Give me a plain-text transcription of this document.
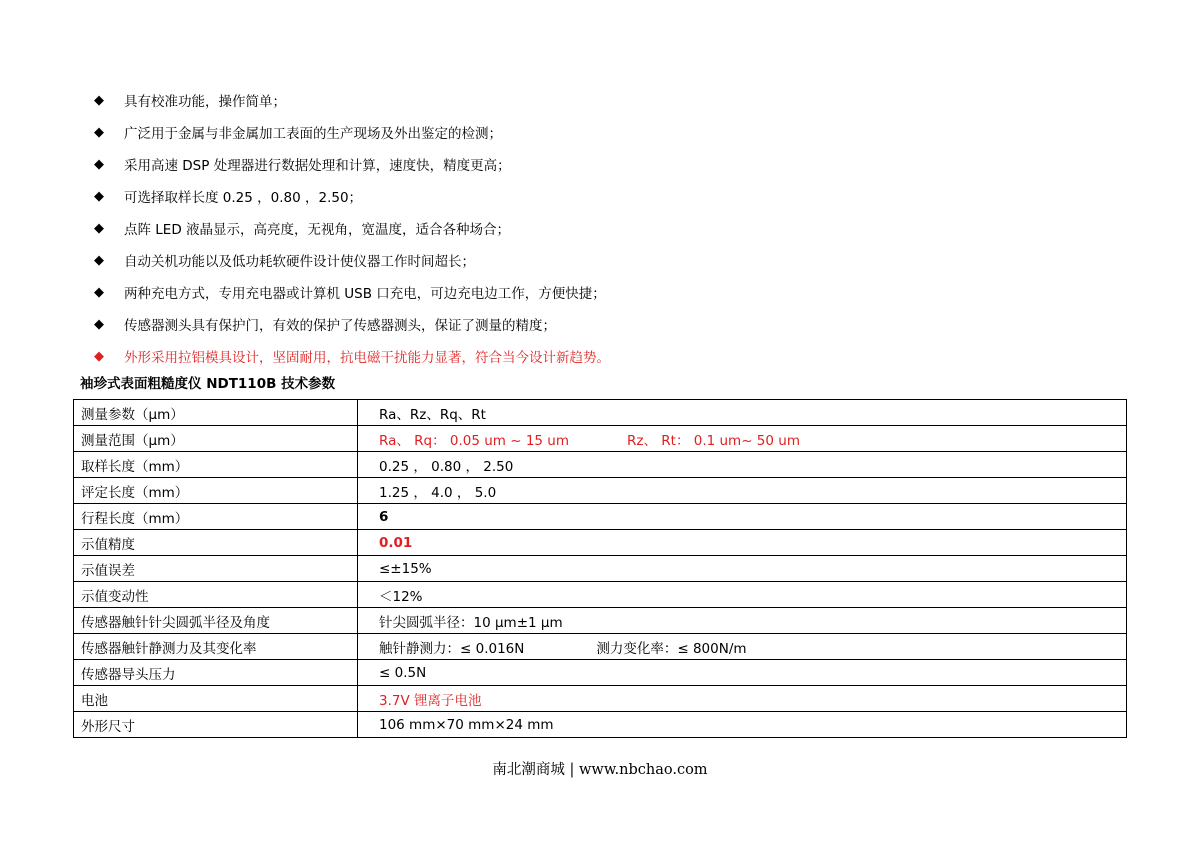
◆	具有校准功能，操作简单；
◆	广泛用于金属与非金属加工表面的生产现场及外出鉴定的检测；
◆	采用高速 DSP 处理器进行数据处理和计算，速度快，精度更高；
◆	可选择取样长度 0.25 ，0.80 ，2.50；
◆	点阵 LED 液晶显示，高亮度，无视角，宽温度，适合各种场合；
◆	自动关机功能以及低功耗软硬件设计使仪器工作时间超长；
◆	两种充电方式，专用充电器或计算机 USB 口充电，可边充电边工作，方便快捷；
◆	传感器测头具有保护门，有效的保护了传感器测头，保证了测量的精度；
◆	外形采用拉铝模具设计，坚固耐用，抗电磁干扰能力显著，符合当今设计新趋势。
袖珍式表面粗糙度仪 NDT110B 技术参数
测量参数（μm）	Ra、Rz、Rq、Rt
测量范围（μm）	Ra、 Rq： 0.05 um ~ 15 um Rz、 Rt： 0.1 um~ 50 um
取样长度（mm）	0.25 ， 0.80 ， 2.50
评定长度（mm）	1.25 ， 4.0 ， 5.0
行程长度（mm）	6
示值精度	0.01
示值误差	≤±15%
示值变动性	＜12%
传感器触针针尖圆弧半径及角度	针尖圆弧半径：10 μm±1 μm
传感器触针静测力及其变化率	触针静测力：≤ 0.016N 测力变化率：≤ 800N/m
传感器导头压力	≤ 0.5N
电池	3.7V 锂离子电池
外形尺寸	106 mm×70 mm×24 mm
南北潮商城 | www.nbchao.com
